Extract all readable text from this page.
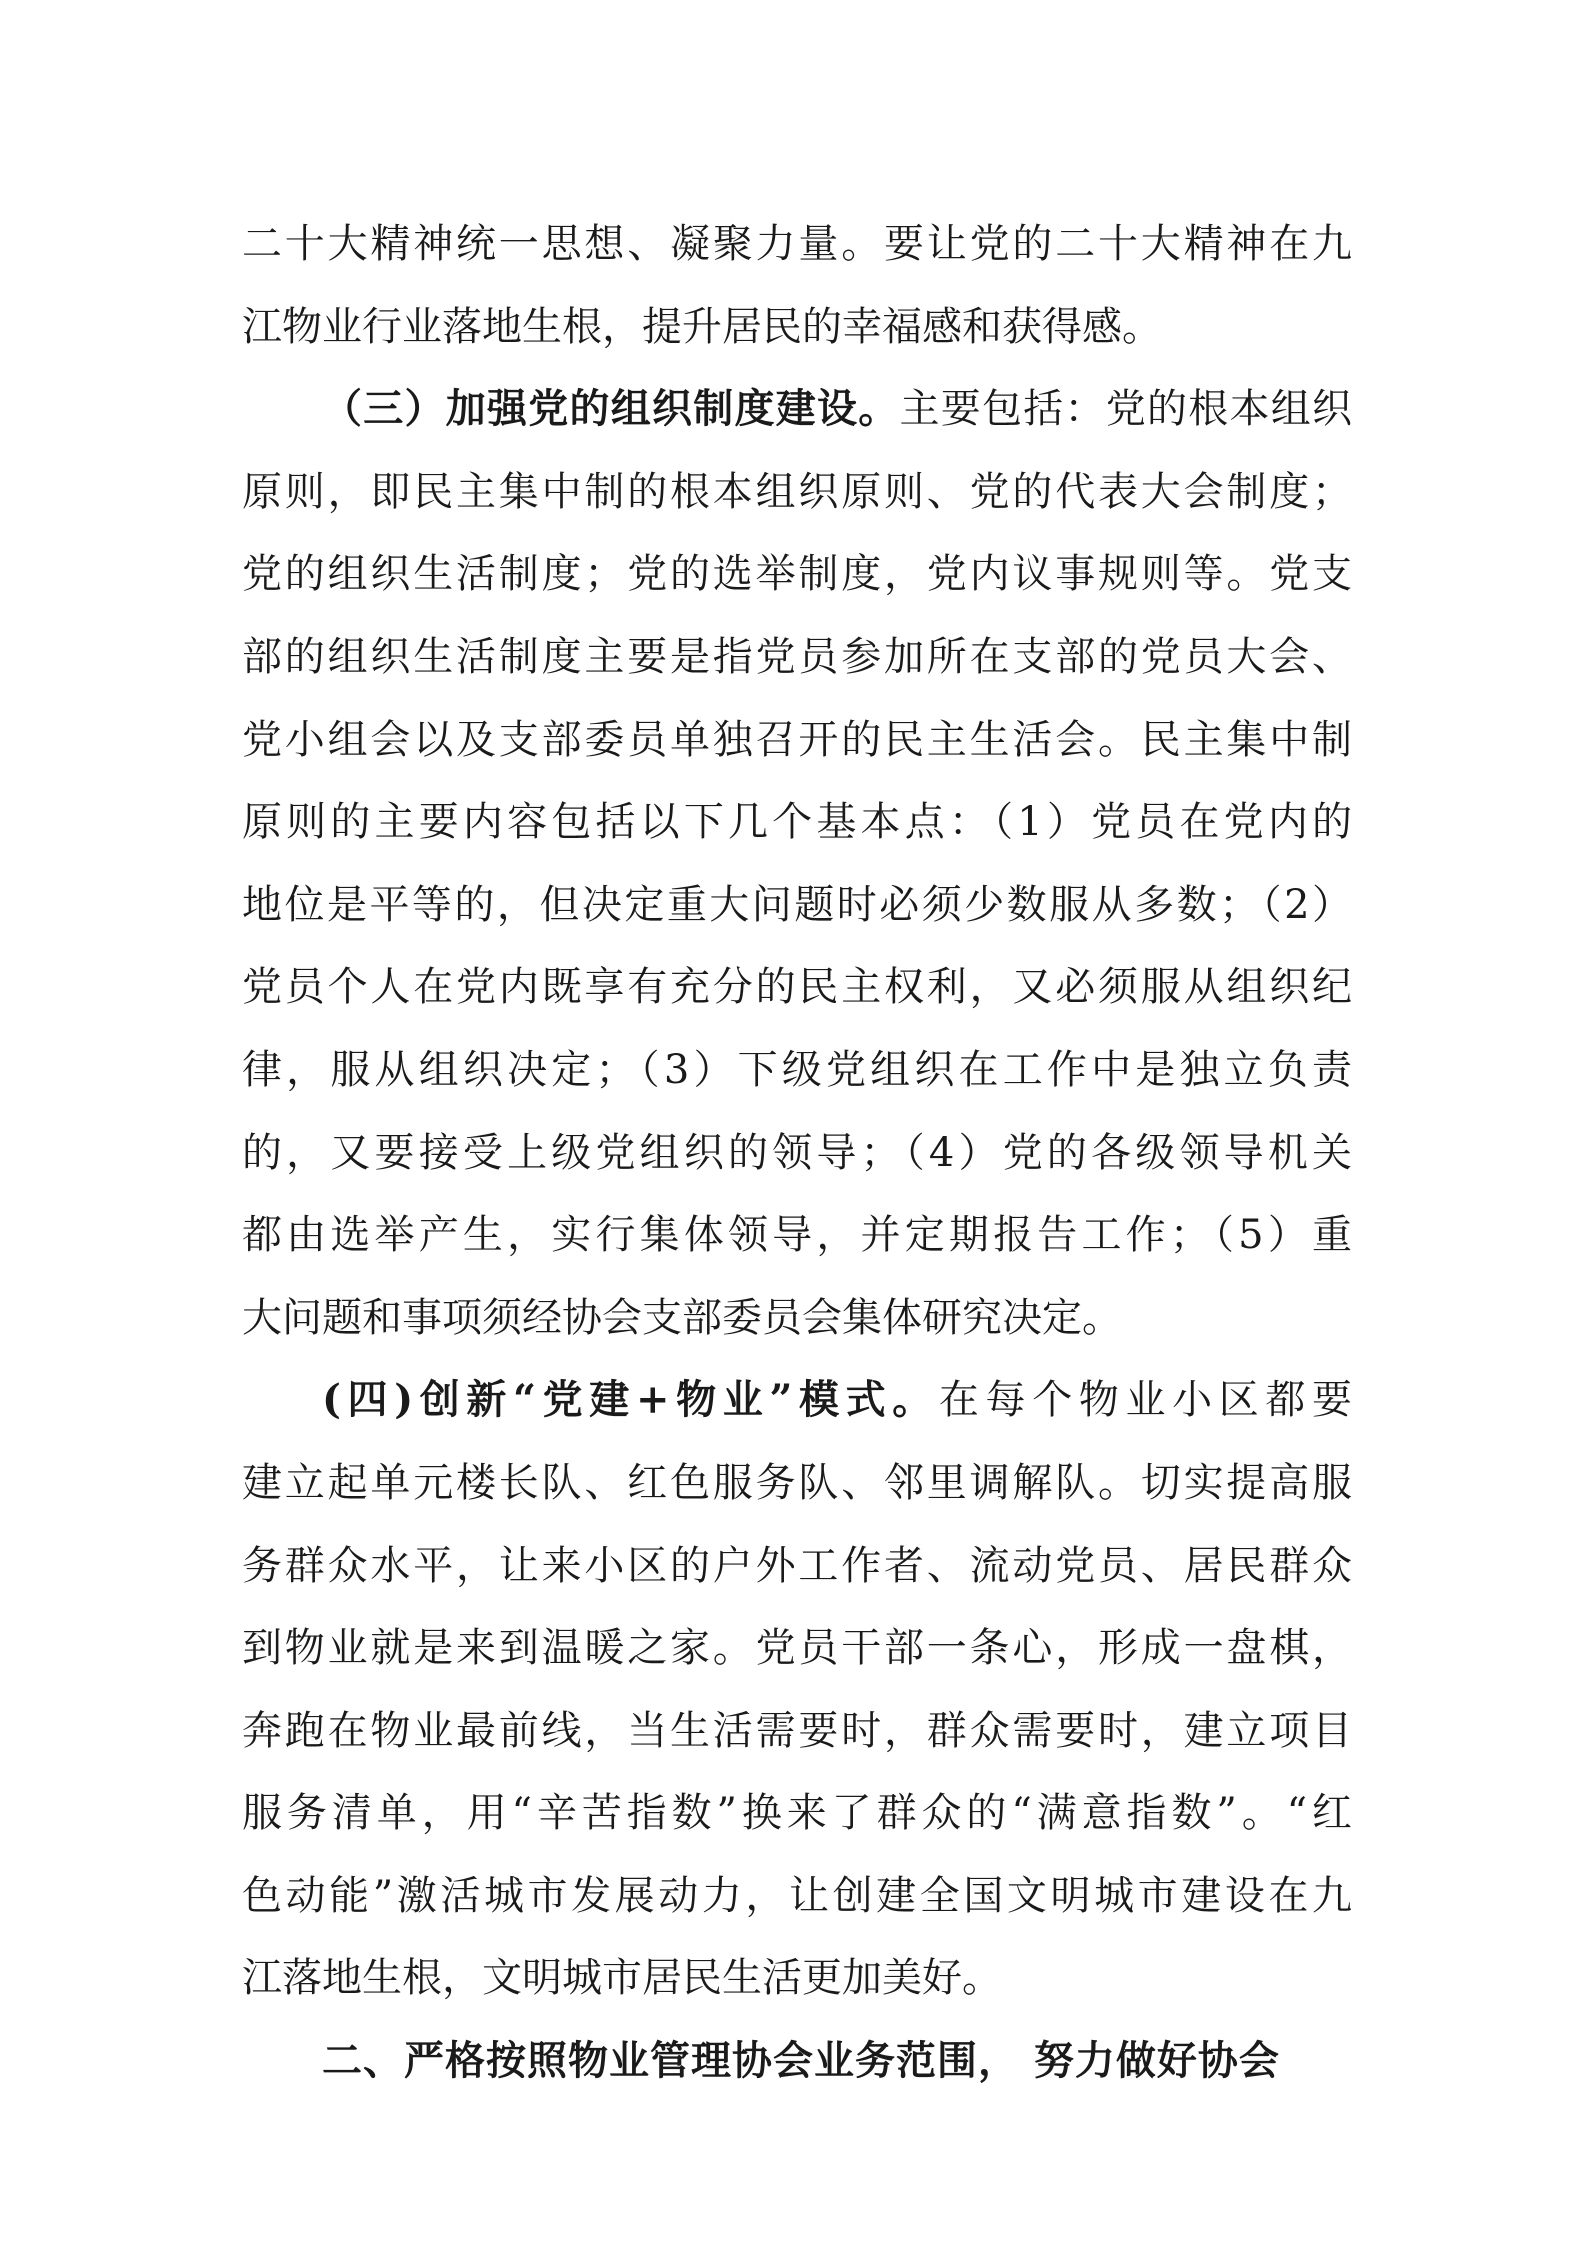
二十大精神统一思想、凝聚力量。要让党的二十大精神在九
江物业行业落地生根，提升居民的幸福感和获得感。
（三）加强党的组织制度建设。主要包括：党的根本组织
原则，即民主集中制的根本组织原则、党的代表大会制度；
党的组织生活制度；党的选举制度，党内议事规则等。党支
部的组织生活制度主要是指党员参加所在支部的党员大会、
党小组会以及支部委员单独召开的民主生活会。民主集中制
原则的主要内容包括以下几个基本点：（1）党员在党内的
地位是平等的，但决定重大问题时必须少数服从多数；（2）
党员个人在党内既享有充分的民主权利，又必须服从组织纪
律，服从组织决定；（3）下级党组织在工作中是独立负责
的，又要接受上级党组织的领导；（4）党的各级领导机关
都由选举产生，实行集体领导，并定期报告工作；（5）重
大问题和事项须经协会支部委员会集体研究决定。
(四)创新“党建+物业”模式。在每个物业小区都要
建立起单元楼长队、红色服务队、邻里调解队。切实提高服
务群众水平，让来小区的户外工作者、流动党员、居民群众
到物业就是来到温暖之家。党员干部一条心，形成一盘棋，
奔跑在物业最前线，当生活需要时，群众需要时，建立项目
服务清单，用“辛苦指数”换来了群众的“满意指数”。“红
色动能”激活城市发展动力，让创建全国文明城市建设在九
江落地生根，文明城市居民生活更加美好。
二、严格按照物业管理协会业务范围， 努力做好协会
